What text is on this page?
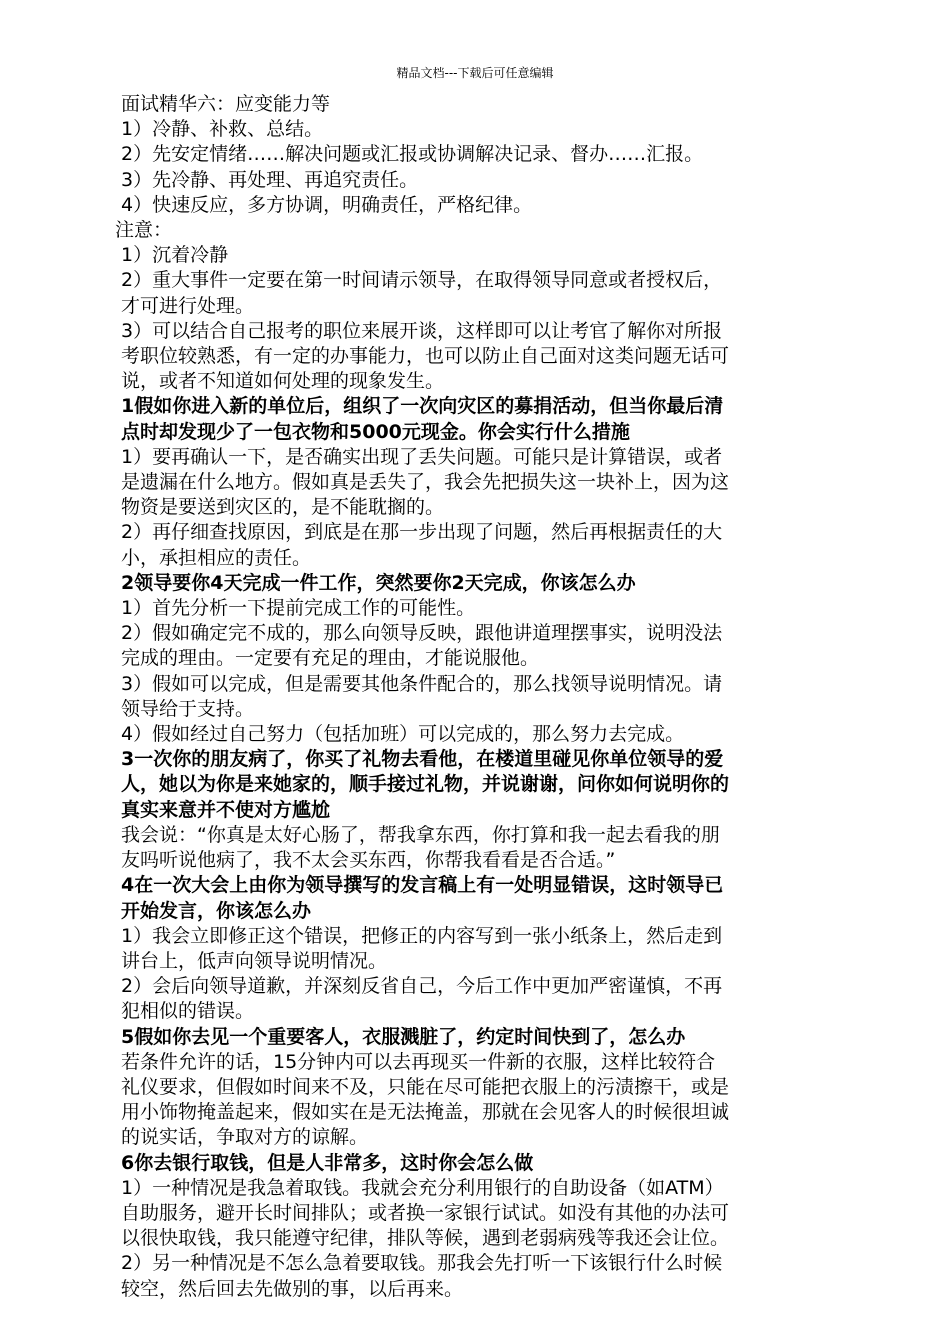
精品文档---下载后可任意编辑

面试精华六：应变能力等

1）冷静、补救、总结。

2）先安定情绪……解决问题或汇报或协调解决记录、督办……汇报。

3）先冷静、再处理、再追究责任。

4）快速反应，多方协调，明确责任，严格纪律。

注意：

1）沉着冷静

2）重大事件一定要在第一时间请示领导，在取得领导同意或者授权后，

才可进行处理。

3）可以结合自己报考的职位来展开谈，这样即可以让考官了解你对所报

考职位较熟悉，有一定的办事能力，也可以防止自己面对这类问题无话可

说，或者不知道如何处理的现象发生。

1假如你进入新的单位后，组织了一次向灾区的募捐活动，但当你最后清

点时却发现少了一包衣物和5000元现金。你会实行什么措施

1）要再确认一下，是否确实出现了丢失问题。可能只是计算错误，或者

是遗漏在什么地方。假如真是丢失了，我会先把损失这一块补上，因为这

物资是要送到灾区的，是不能耽搁的。

2）再仔细查找原因，到底是在那一步出现了问题，然后再根据责任的大

小，承担相应的责任。

2领导要你4天完成一件工作，突然要你2天完成，你该怎么办

1）首先分析一下提前完成工作的可能性。

2）假如确定完不成的，那么向领导反映，跟他讲道理摆事实，说明没法

完成的理由。一定要有充足的理由，才能说服他。

3）假如可以完成，但是需要其他条件配合的，那么找领导说明情况。请

领导给于支持。

4）假如经过自己努力（包括加班）可以完成的，那么努力去完成。

3一次你的朋友病了，你买了礼物去看他，在楼道里碰见你单位领导的爱

人，她以为你是来她家的，顺手接过礼物，并说谢谢，问你如何说明你的

真实来意并不使对方尴尬

我会说：“你真是太好心肠了，帮我拿东西，你打算和我一起去看我的朋

友吗听说他病了，我不太会买东西，你帮我看看是否合适。”

4在一次大会上由你为领导撰写的发言稿上有一处明显错误，这时领导已

开始发言，你该怎么办

1）我会立即修正这个错误，把修正的内容写到一张小纸条上，然后走到

讲台上，低声向领导说明情况。

2）会后向领导道歉，并深刻反省自己，今后工作中更加严密谨慎，不再

犯相似的错误。

5假如你去见一个重要客人，衣服溅脏了，约定时间快到了，怎么办

若条件允许的话，15分钟内可以去再现买一件新的衣服，这样比较符合

礼仪要求，但假如时间来不及，只能在尽可能把衣服上的污渍擦干，或是

用小饰物掩盖起来，假如实在是无法掩盖，那就在会见客人的时候很坦诚

的说实话，争取对方的谅解。

6你去银行取钱，但是人非常多，这时你会怎么做

1）一种情况是我急着取钱。我就会充分利用银行的自助设备（如ATM）

自助服务，避开长时间排队；或者换一家银行试试。如没有其他的办法可

以很快取钱，我只能遵守纪律，排队等候，遇到老弱病残等我还会让位。

2）另一种情况是不怎么急着要取钱。那我会先打听一下该银行什么时候

较空，然后回去先做别的事，以后再来。
